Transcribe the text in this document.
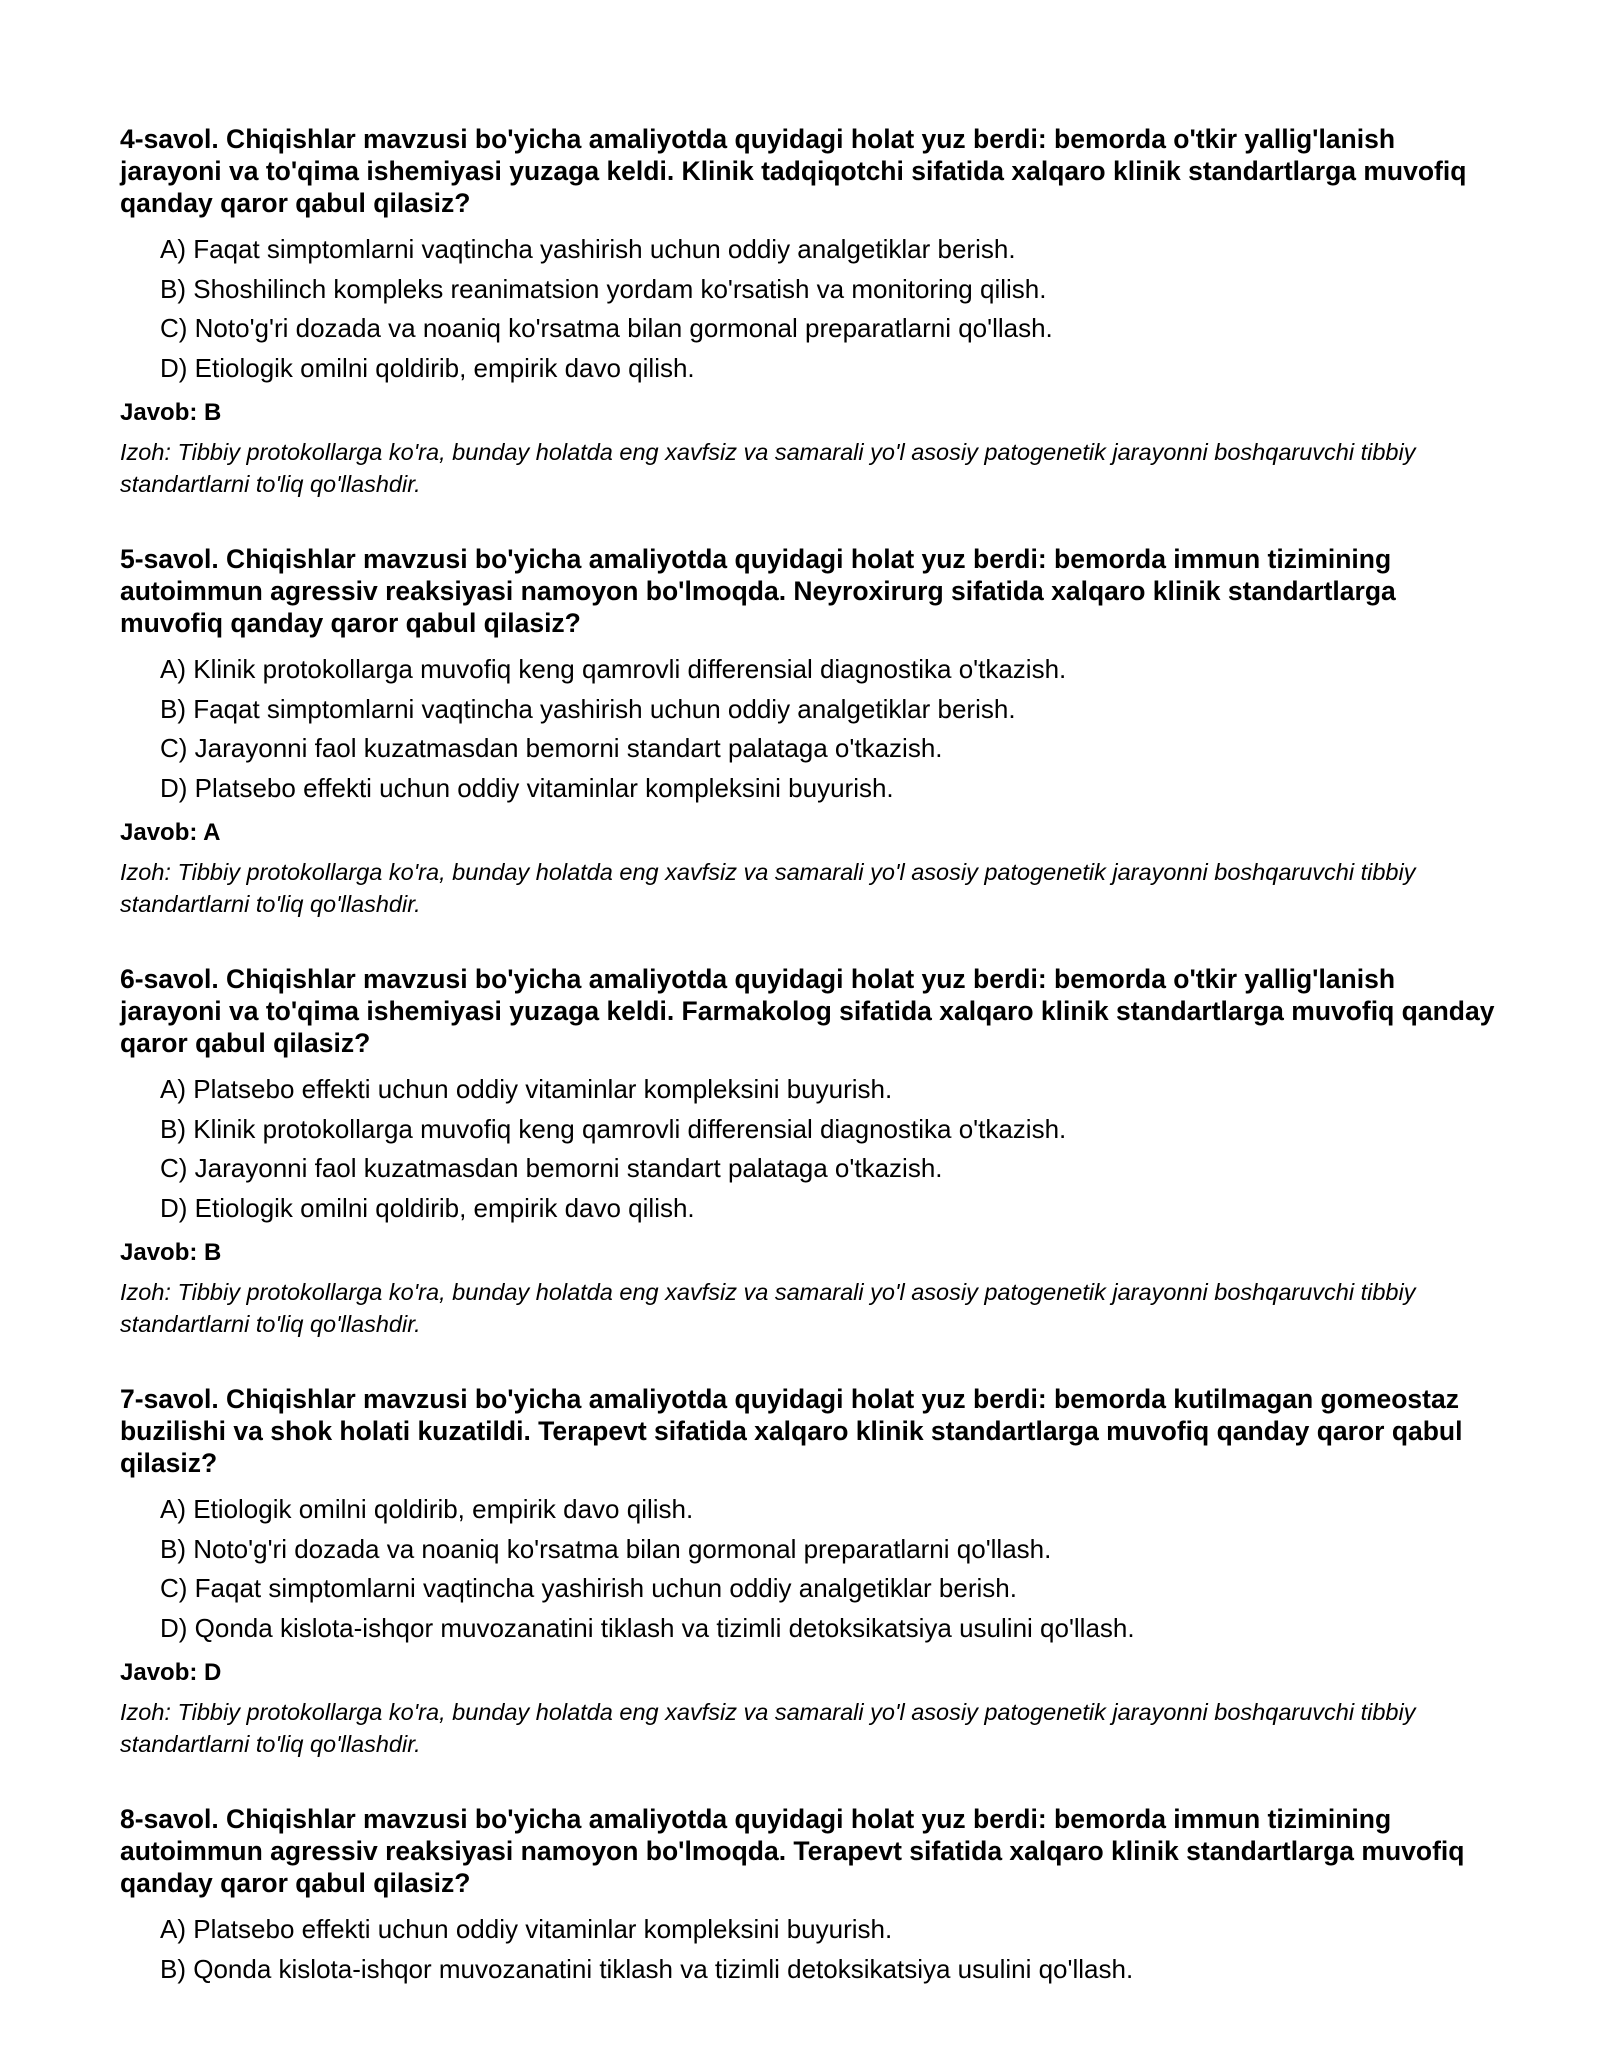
4-savol. Chiqishlar mavzusi bo'yicha amaliyotda quyidagi holat yuz berdi: bemorda o'tkir yallig'lanish jarayoni va to'qima ishemiyasi yuzaga keldi. Klinik tadqiqotchi sifatida xalqaro klinik standartlarga muvofiq qanday qaror qabul qilasiz?

A) Faqat simptomlarni vaqtincha yashirish uchun oddiy analgetiklar berish.
B) Shoshilinch kompleks reanimatsion yordam ko'rsatish va monitoring qilish.
C) Noto'g'ri dozada va noaniq ko'rsatma bilan gormonal preparatlarni qo'llash.
D) Etiologik omilni qoldirib, empirik davo qilish.

Javob: B

Izoh: Tibbiy protokollarga ko'ra, bunday holatda eng xavfsiz va samarali yo'l asosiy patogenetik jarayonni boshqaruvchi tibbiy standartlarni to'liq qo'llashdir.

5-savol. Chiqishlar mavzusi bo'yicha amaliyotda quyidagi holat yuz berdi: bemorda immun tizimining autoimmun agressiv reaksiyasi namoyon bo'lmoqda. Neyroxirurg sifatida xalqaro klinik standartlarga muvofiq qanday qaror qabul qilasiz?

A) Klinik protokollarga muvofiq keng qamrovli differensial diagnostika o'tkazish.
B) Faqat simptomlarni vaqtincha yashirish uchun oddiy analgetiklar berish.
C) Jarayonni faol kuzatmasdan bemorni standart palataga o'tkazish.
D) Platsebo effekti uchun oddiy vitaminlar kompleksini buyurish.

Javob: A

Izoh: Tibbiy protokollarga ko'ra, bunday holatda eng xavfsiz va samarali yo'l asosiy patogenetik jarayonni boshqaruvchi tibbiy standartlarni to'liq qo'llashdir.

6-savol. Chiqishlar mavzusi bo'yicha amaliyotda quyidagi holat yuz berdi: bemorda o'tkir yallig'lanish jarayoni va to'qima ishemiyasi yuzaga keldi. Farmakolog sifatida xalqaro klinik standartlarga muvofiq qanday qaror qabul qilasiz?

A) Platsebo effekti uchun oddiy vitaminlar kompleksini buyurish.
B) Klinik protokollarga muvofiq keng qamrovli differensial diagnostika o'tkazish.
C) Jarayonni faol kuzatmasdan bemorni standart palataga o'tkazish.
D) Etiologik omilni qoldirib, empirik davo qilish.

Javob: B

Izoh: Tibbiy protokollarga ko'ra, bunday holatda eng xavfsiz va samarali yo'l asosiy patogenetik jarayonni boshqaruvchi tibbiy standartlarni to'liq qo'llashdir.

7-savol. Chiqishlar mavzusi bo'yicha amaliyotda quyidagi holat yuz berdi: bemorda kutilmagan gomeostaz buzilishi va shok holati kuzatildi. Terapevt sifatida xalqaro klinik standartlarga muvofiq qanday qaror qabul qilasiz?

A) Etiologik omilni qoldirib, empirik davo qilish.
B) Noto'g'ri dozada va noaniq ko'rsatma bilan gormonal preparatlarni qo'llash.
C) Faqat simptomlarni vaqtincha yashirish uchun oddiy analgetiklar berish.
D) Qonda kislota-ishqor muvozanatini tiklash va tizimli detoksikatsiya usulini qo'llash.

Javob: D

Izoh: Tibbiy protokollarga ko'ra, bunday holatda eng xavfsiz va samarali yo'l asosiy patogenetik jarayonni boshqaruvchi tibbiy standartlarni to'liq qo'llashdir.

8-savol. Chiqishlar mavzusi bo'yicha amaliyotda quyidagi holat yuz berdi: bemorda immun tizimining autoimmun agressiv reaksiyasi namoyon bo'lmoqda. Terapevt sifatida xalqaro klinik standartlarga muvofiq qanday qaror qabul qilasiz?

A) Platsebo effekti uchun oddiy vitaminlar kompleksini buyurish.
B) Qonda kislota-ishqor muvozanatini tiklash va tizimli detoksikatsiya usulini qo'llash.
